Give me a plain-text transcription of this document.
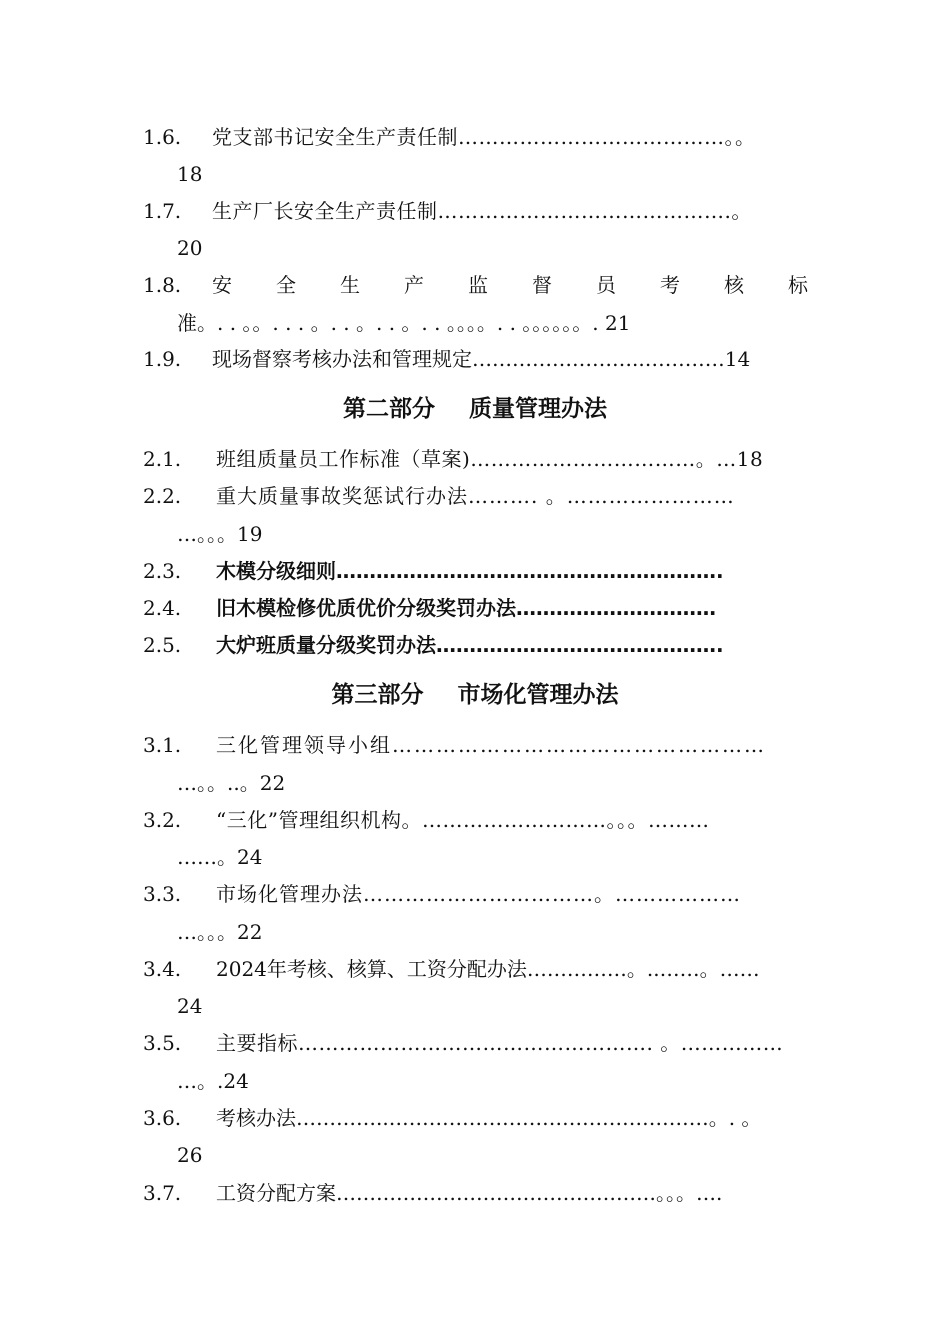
1.6. 党支部书记安全生产责任制…………………………………。。
18
1.7. 生产厂长安全生产责任制…………………………………….。
20
1.8. 安 全 生 产 监 督 员 考 核 标
准。. . 。。. . . 。. . 。. . 。. . 。。。。. . 。。。。。。. 21
1.9. 现场督察考核办法和管理规定……………………..…………14
第二部分 质量管理办法
2.1. 班组质量员工作标准（草案)……………………………。…18
2.2. 重大质量事故奖惩试行办法………. 。……………………
…。。。19
2.3. 木模分级细则………………………………………………….
2.4. 旧木模检修优质优价分级奖罚办法…………………………
2.5. 大炉班质量分级奖罚办法…………………………………….
第三部分 市场化管理办法
3.1. 三化管理领导小组……………………………………………
…。。..。22
3.2. “三化”管理组织机构。………………………。。。………
……。24
3.3. 市场化管理办法……………………………。………………
…。。。22
3.4. 2024年考核、核算、工资分配办法……………。..……。……
24
3.5. 主要指标……………………………………………. 。……………
…。.24
3.6. 考核办法…………..…………………………………………。. 。
26
3.7. 工资分配方案…………………………………………。。。….
